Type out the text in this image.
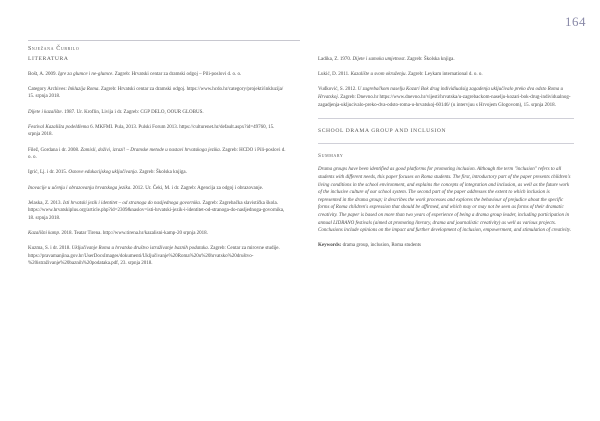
164
Snježana Čubrilo
LITERATURA
Bošt, A. 2009. Igre za glumce i ne-glumce. Zagreb: Hrvatski centar za dramski odgoj – Pili-poslovi d. o. o.
Category Archives: Inkluzija Roma. Zagreb: Hrvatski centar za dramski odgoj. https://www.hcdo.hr/category/projekti/inkluzija/ 15. srpnja 2018.
Dijete i kazalište. 1987. Ur. Kroflin, Livija i dr. Zagreb: CGP DELO, OOUR GLOBUS.
Festival Kazališta podeldlema 6. MKFMI. Pula, 2013. Pulski Forum 2013. https://culturenet.hr/default.aspx?id=49760, 15. srpnja 2018.
Filež, Gordana i dr. 2008. Zamisli, doživi, izrazi! – Dramske metode u nastavi hrvatskoga jezika. Zagreb: HCDO i Pili-poslovi d. o. o.
Igrić, Lj. i dr. 2015. Osnove edukacijskog uključivanja. Zagreb: Školska knjiga.
Inovacije u učenju i obrazovanju hrvatskoga jezika. 2012. Ur. Čeki, M. i dr. Zagreb: Agencija za odgoj i obrazovanje.
Jelaska, Z. 2013. Isti hrvatski jezik i identitet – od stranoga do nasljednoga govornika. Zagreb: Zagrebačka slavistička škola. https://www.hrvatskiplus.org/article.php?id=2309&naslov=isti-hrvatski-jezik-i-identitet-od-stranoga-do-nasljednoga-govornika, 18. srpnja 2018.
Kazališni kamp. 2018. Teatar Tirena. http://www.tirena.hr/kazalisni-kamp-20 srpnja 2018.
Kuzma, S. i dr. 2018. Uključivanje Roma u hrvatsko društvo istraživanje baznih podataka. Zagreb: Centar za mirovne studije. https://pravamanjina.gov.hr/UserDocsImages/dokumenti/Uključivanje%20Roma%20u%20hrvatsko%20društvo-%20istraživanje%20baznih%20podataka.pdf, 23. srpnja 2018.
Ladika, Z. 1970. Dijete i samoka umjetnost. Zagreb: Školska knjiga.
Lukić, D. 2011. Kazalište u svom okruženju. Zagreb: Leykam international d. o. o.
Vuđković, S. 2012. U zagrebačkom naselju Kozari Bok drug individiualsig zagadenja uključivalo preko dva odsto Roma u Hrvatskoj. Zagreb: Dnevno.hr https://www.dnevno.hr/vijesti/hrvatska/u-zagrebackom-naselju-kozari-bok-drug-individualnog-zagadjenja-ukljucivalo-preko-dva-odsto-roma-u-hrvatskoj-60146/ (u intervjuu s Hrvojem Glogovom), 15. srpnja 2018.
SCHOOL DRAMA GROUP AND INCLUSION
Summary
Drama groups have been identified as good platforms for promoting inclusion. Although the term "inclusion" refers to all students with different needs, this paper focuses on Roma students. The first, introductory part of the paper presents children's living conditions in the school environment, and explains the concepts of integration and inclusion, as well as the future work of the inclusive culture of our school system. The second part of the paper addresses the extent to which inclusion is represented in the drama group; it describes the work processes and explores the behaviour of prejudice about the specific forms of Roma children's expression that should be affirmed, and which may or may not be seen as forms of their dramatic creativity. The paper is based on more than two years of experience of being a drama group leader, including participation in annual LIDRANO festivals (aimed at promoting literary, drama and journalistic creativity) as well as various projects. Conclusions include opinions on the impact and further development of inclusion, empowerment, and stimulation of creativity.
Keywords: drama group, inclusion, Roma students
